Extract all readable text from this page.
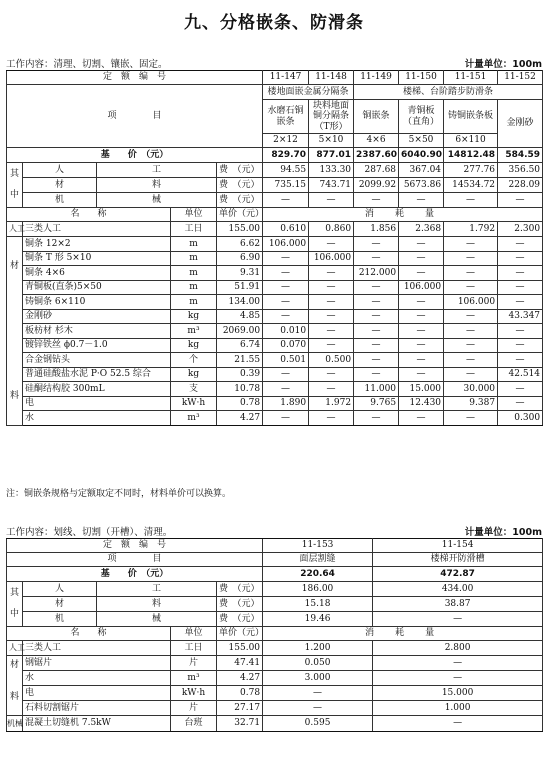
九、分格嵌条、防滑条
工作内容：清理、切割、镶嵌、固定。	计量单位：100m
定　额　编　号					11-147	11-148	11-149	11-150	11-151	11-152
项　　　　目					楼地面嵌金属分隔条		楼梯、台阶踏步防滑条			
					水磨石铜嵌条	块料地面铜分隔条（T形）	铜嵌条	青铜板（直角）	铸铜嵌条板	金刚砂
					2×12	5×10	4×6	5×50	6×110	
基　　价　（元）					829.70	877.01	2387.60	6040.90	14812.48	584.59
其

中	人	工		费　（元）	94.55	133.30	287.68	367.04	277.76	356.50
	材	料		费　（元）	735.15	743.71	2099.92	5673.86	14534.72	228.09
	机	械		费　（元）	—	—	—	—	—	—
名　　称			单位	单价（元）	消　耗　量					
人工	三类人工		工日	155.00	0.610	0.860	1.856	2.368	1.792	2.300

材
料	铜条 12×2		m	6.62	106.000	—	—	—	—	—
	铜条 T 形 5×10		m	6.90	—	106.000	—	—	—	—
	铜条 4×6		m	9.31	—	—	212.000	—	—	—
	青铜板(直条)5×50		m	51.91	—	—	—	106.000	—	—
	铸铜条 6×110		m	134.00	—	—	—	—	106.000	—
	金刚砂		kg	4.85	—	—	—	—	—	43.347
	板枋材 杉木		m³	2069.00	0.010	—	—	—	—	—
	镀锌铁丝 ϕ0.7－1.0		kg	6.74	0.070	—	—	—	—	—
	合金钢钻头		个	21.55	0.501	0.500	—	—	—	—
	普通硅酸盐水泥 P·O 52.5 综合		kg	0.39	—	—	—	—	—	42.514
	硅酮结构胶 300mL		支	10.78	—	—	11.000	15.000	30.000	—
	电		kW·h	0.78	1.890	1.972	9.765	12.430	9.387	—
	水		m³	4.27	—	—	—	—	—	0.300
注：铜嵌条规格与定额取定不同时，材料单价可以换算。
工作内容：划线、切割（开槽）、清理。	计量单位：100m
定　额　编　号					11-153	11-154
项　　　　目					面层割缝	楼梯开防滑槽
基　　价　（元）					220.64	472.87
其

中	人	工		费　（元）	186.00	434.00
	材	料		费　（元）	15.18	38.87
	机	械		费　（元）	19.46	—
名　　称			单位	单价（元）	消　耗　量	
人工	三类人工		工日	155.00	1.200	2.800

材
料	钢锯片		片	47.41	0.050	—
	水		m³	4.27	3.000	—
	电		kW·h	0.78	—	15.000
	石料切割锯片		片	27.17	—	1.000
机械	混凝土切缝机 7.5kW		台班	32.71	0.595	—
